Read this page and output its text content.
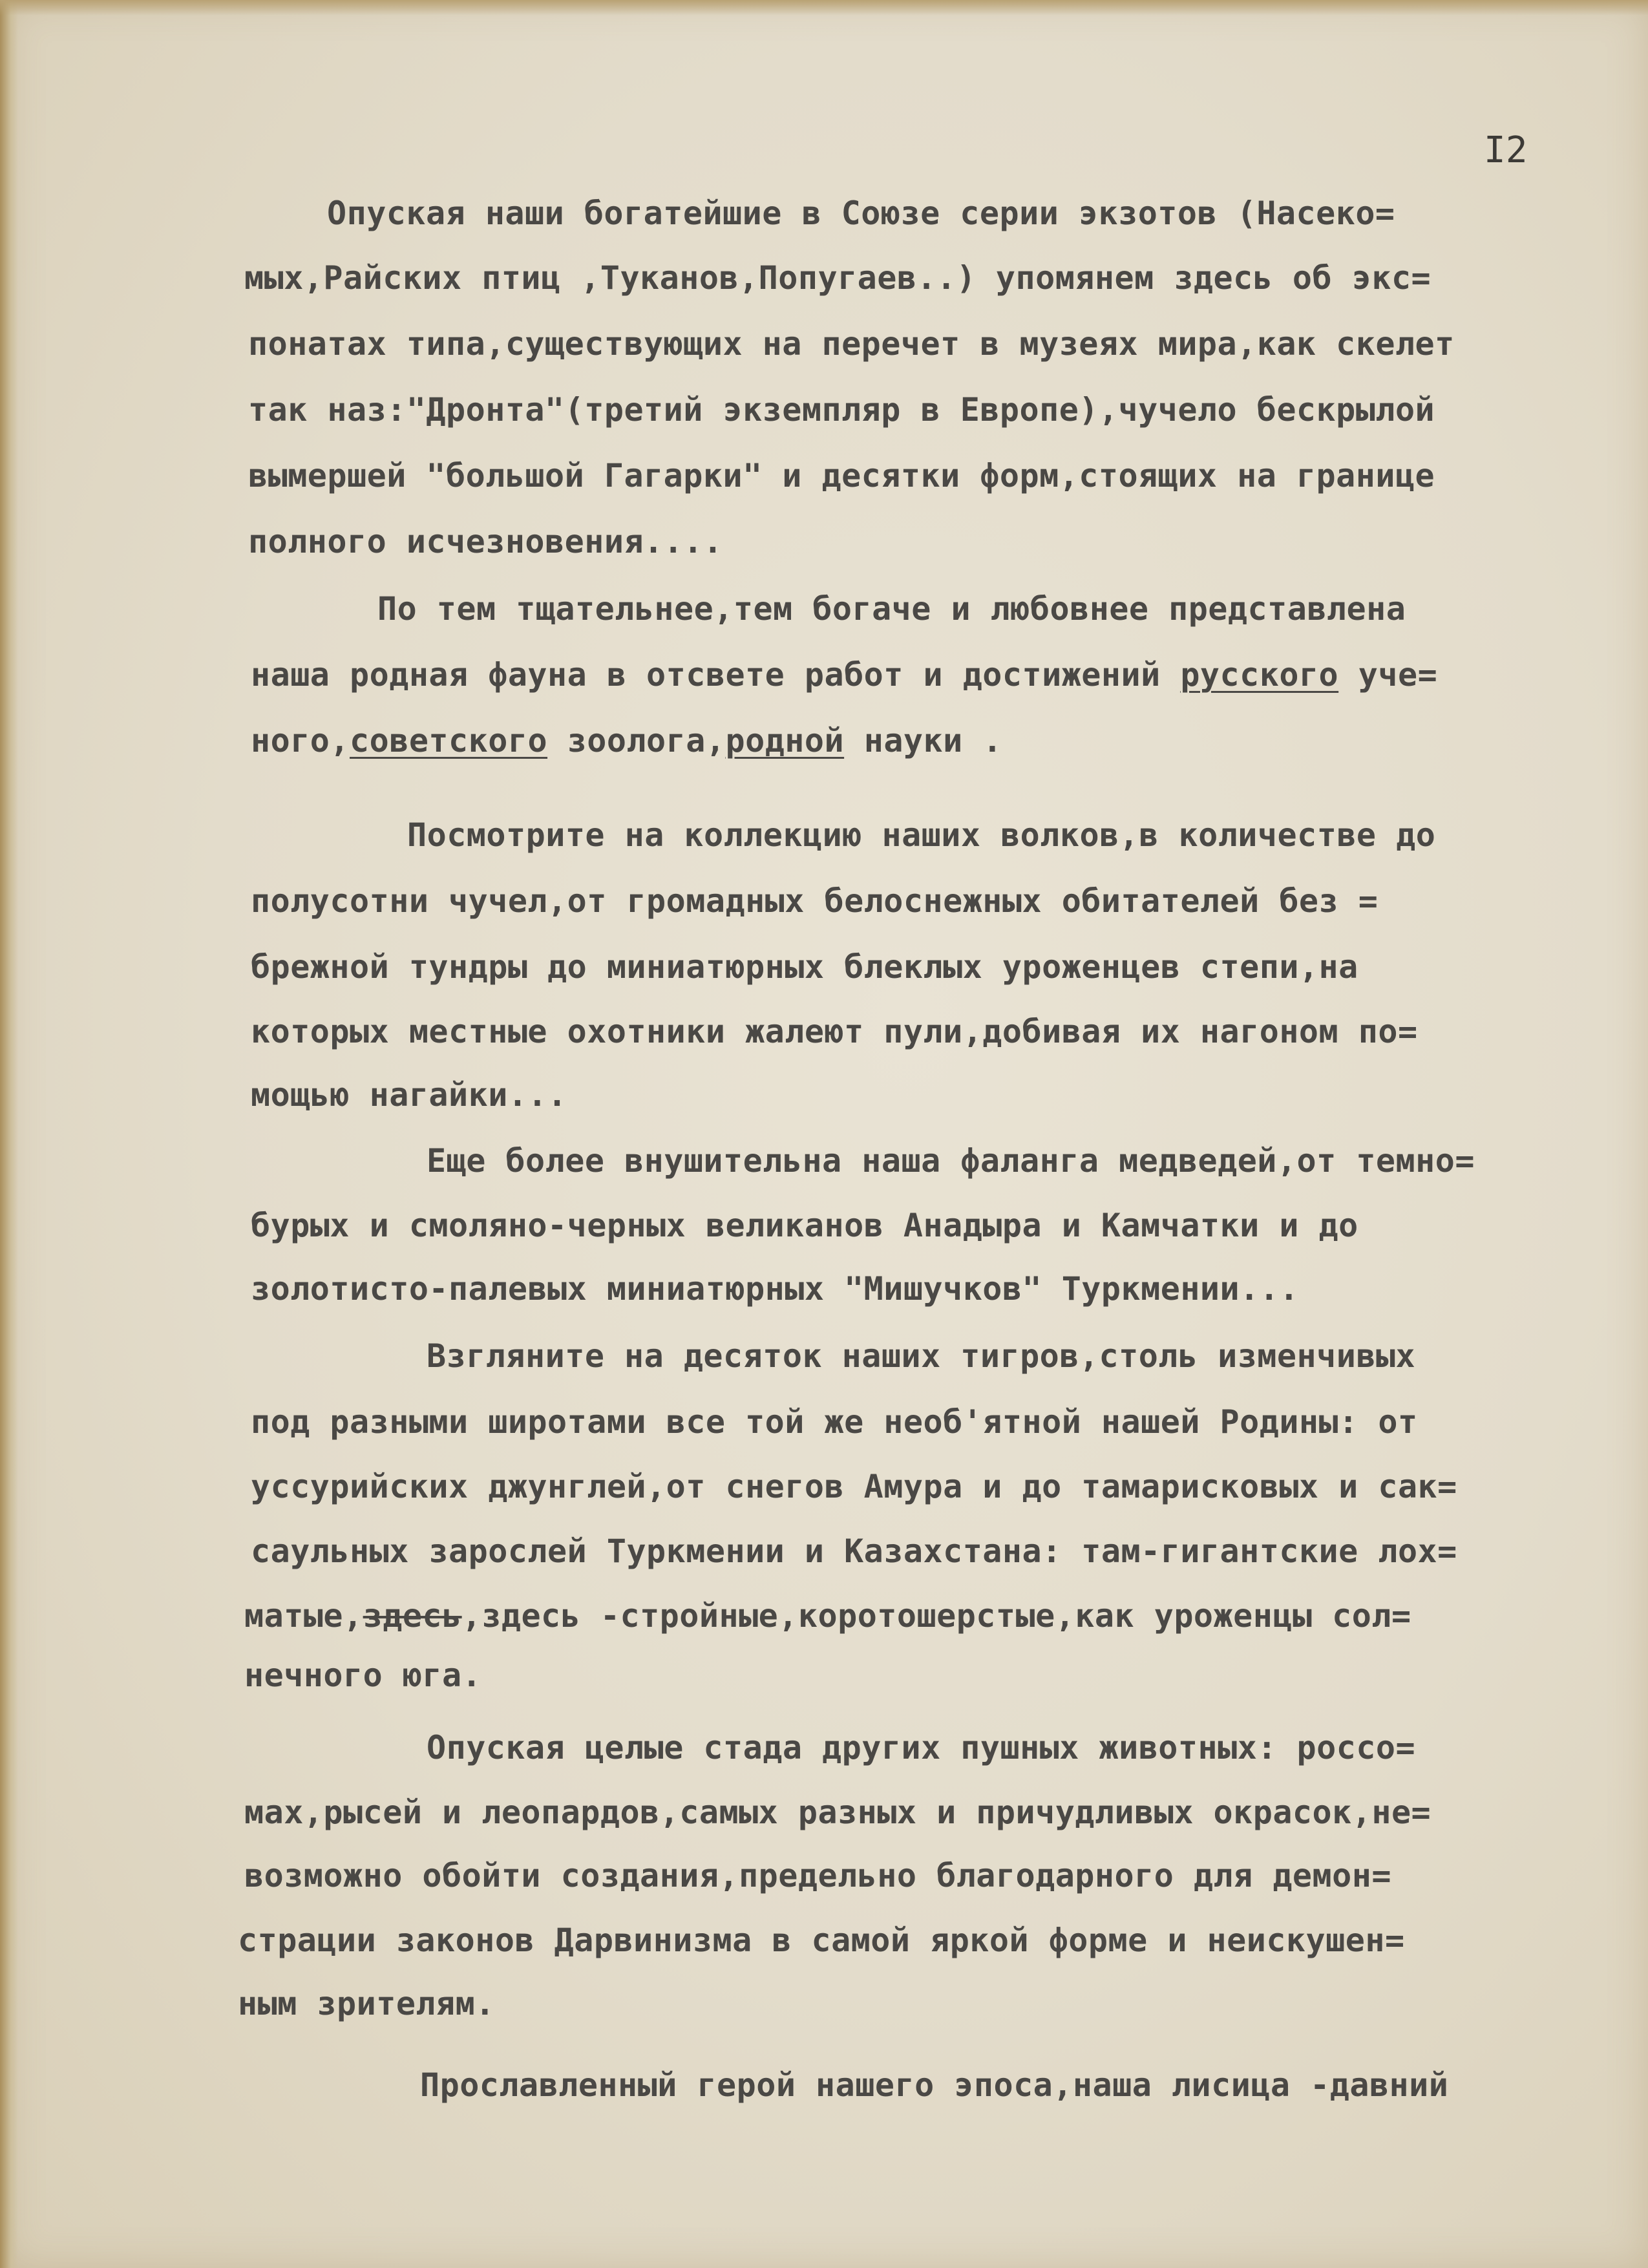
I2
Опуская наши богатейшие в Союзе серии экзотов (Насеко=
мых,Райских птиц ,Туканов,Попугаев..) упомянем здесь об экс=
понатах типа,существующих на перечет в музеях мира,как скелет
так наз:"Дронта"(третий экземпляр в Европе),чучело бескрылой
вымершей "большой Гагарки" и десятки форм,стоящих на границе
полного исчезновения....
По тем тщательнее,тем богаче и любовнее представлена
наша родная фауна в отсвете работ и достижений русского уче=
ного,советского зоолога,родной науки .
Посмотрите на коллекцию наших волков,в количестве до
полусотни чучел,от громадных белоснежных обитателей без =
брежной тундры до миниатюрных блеклых уроженцев степи,на
которых местные охотники жалеют пули,добивая их нагоном по=
мощью нагайки...
Еще более внушительна наша фаланга медведей,от темно=
бурых и смоляно-черных великанов Анадыра и Камчатки и до
золотисто-палевых миниатюрных "Мишучков" Туркмении...
Взгляните на десяток наших тигров,столь изменчивых
под разными широтами все той же необ'ятной нашей Родины: от
уссурийских джунглей,от снегов Амура и до тамарисковых и сак=
саульных зарослей Туркмении и Казахстана: там-гигантские лох=
матые,здесь,здесь -стройные,коротошерстые,как уроженцы сол=
нечного юга.
Опуская целые стада других пушных животных: россо=
мах,рысей и леопардов,самых разных и причудливых окрасок,не=
возможно обойти создания,предельно благодарного для демон=
страции законов Дарвинизма в самой яркой форме и неискушен=
ным зрителям.
Прославленный герой нашего эпоса,наша лисица -давний
